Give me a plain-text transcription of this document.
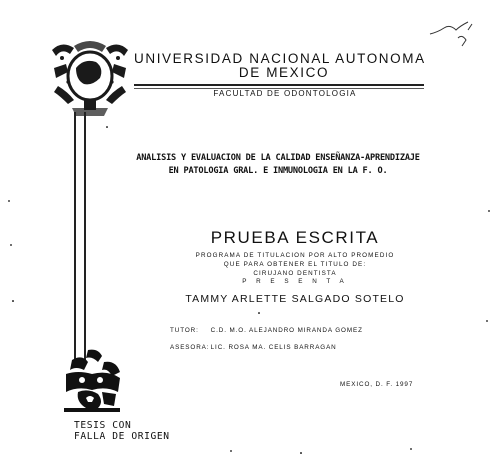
UNIVERSIDAD NACIONAL AUTONOMA
DE MEXICO
FACULTAD DE ODONTOLOGIA
ANALISIS Y EVALUACION DE LA CALIDAD ENSEÑANZA-APRENDIZAJE
EN PATOLOGIA GRAL. E INMUNOLOGIA EN LA F. O.
PRUEBA ESCRITA
PROGRAMA DE TITULACION POR ALTO PROMEDIO
QUE PARA OBTENER EL TITULO DE:
CIRUJANO DENTISTA
P R E S E N T A
TAMMY ARLETTE SALGADO SOTELO
TUTOR: C.D. M.O. ALEJANDRO MIRANDA GOMEZ
ASESORA: LIC. ROSA MA. CELIS BARRAGAN
MEXICO, D. F. 1997
TESIS CON
FALLA DE ORIGEN
